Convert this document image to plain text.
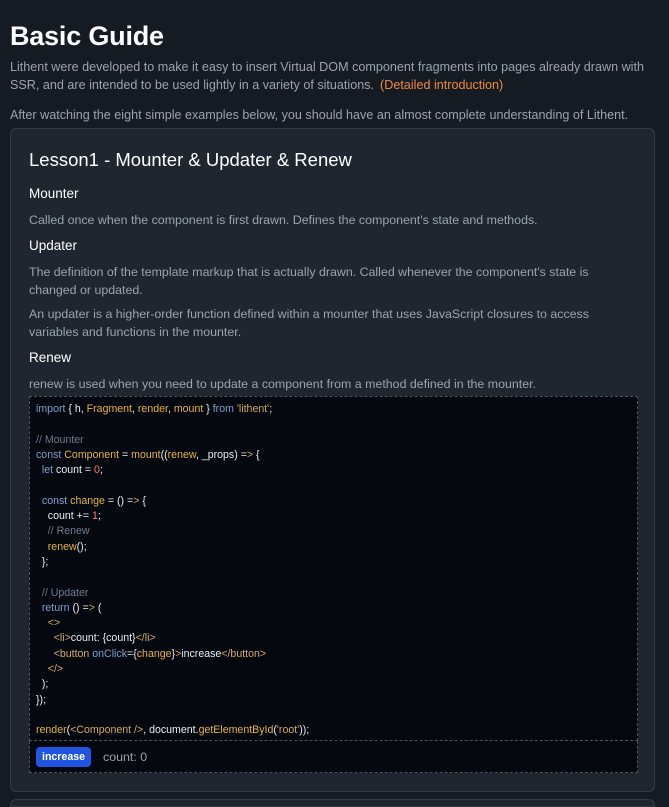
Basic Guide

Lithent were developed to make it easy to insert Virtual DOM component fragments into pages already drawn with SSR, and are intended to be used lightly in a variety of situations. (Detailed introduction)

After watching the eight simple examples below, you should have an almost complete understanding of Lithent.

Lesson1 - Mounter & Updater & Renew
Mounter

Called once when the component is first drawn. Defines the component's state and methods.

Updater

The definition of the template markup that is actually drawn. Called whenever the component's state is changed or updated.

An updater is a higher-order function defined within a mounter that uses JavaScript closures to access variables and functions in the mounter.

Renew

renew is used when you need to update a component from a method defined in the mounter.

import { h, Fragment, render, mount } from 'lithent';

// Mounter
const Component = mount((renew, _props) => {
let count = 0;

const change = () => {
count += 1;
// Renew
renew();
};

// Updater
return () => (
<>
<li>count: {count}</li>
<button onClick={change}>increase</button>
</>
);
});

render(<Component />, document.getElementById('root'));
increase	count: 0
